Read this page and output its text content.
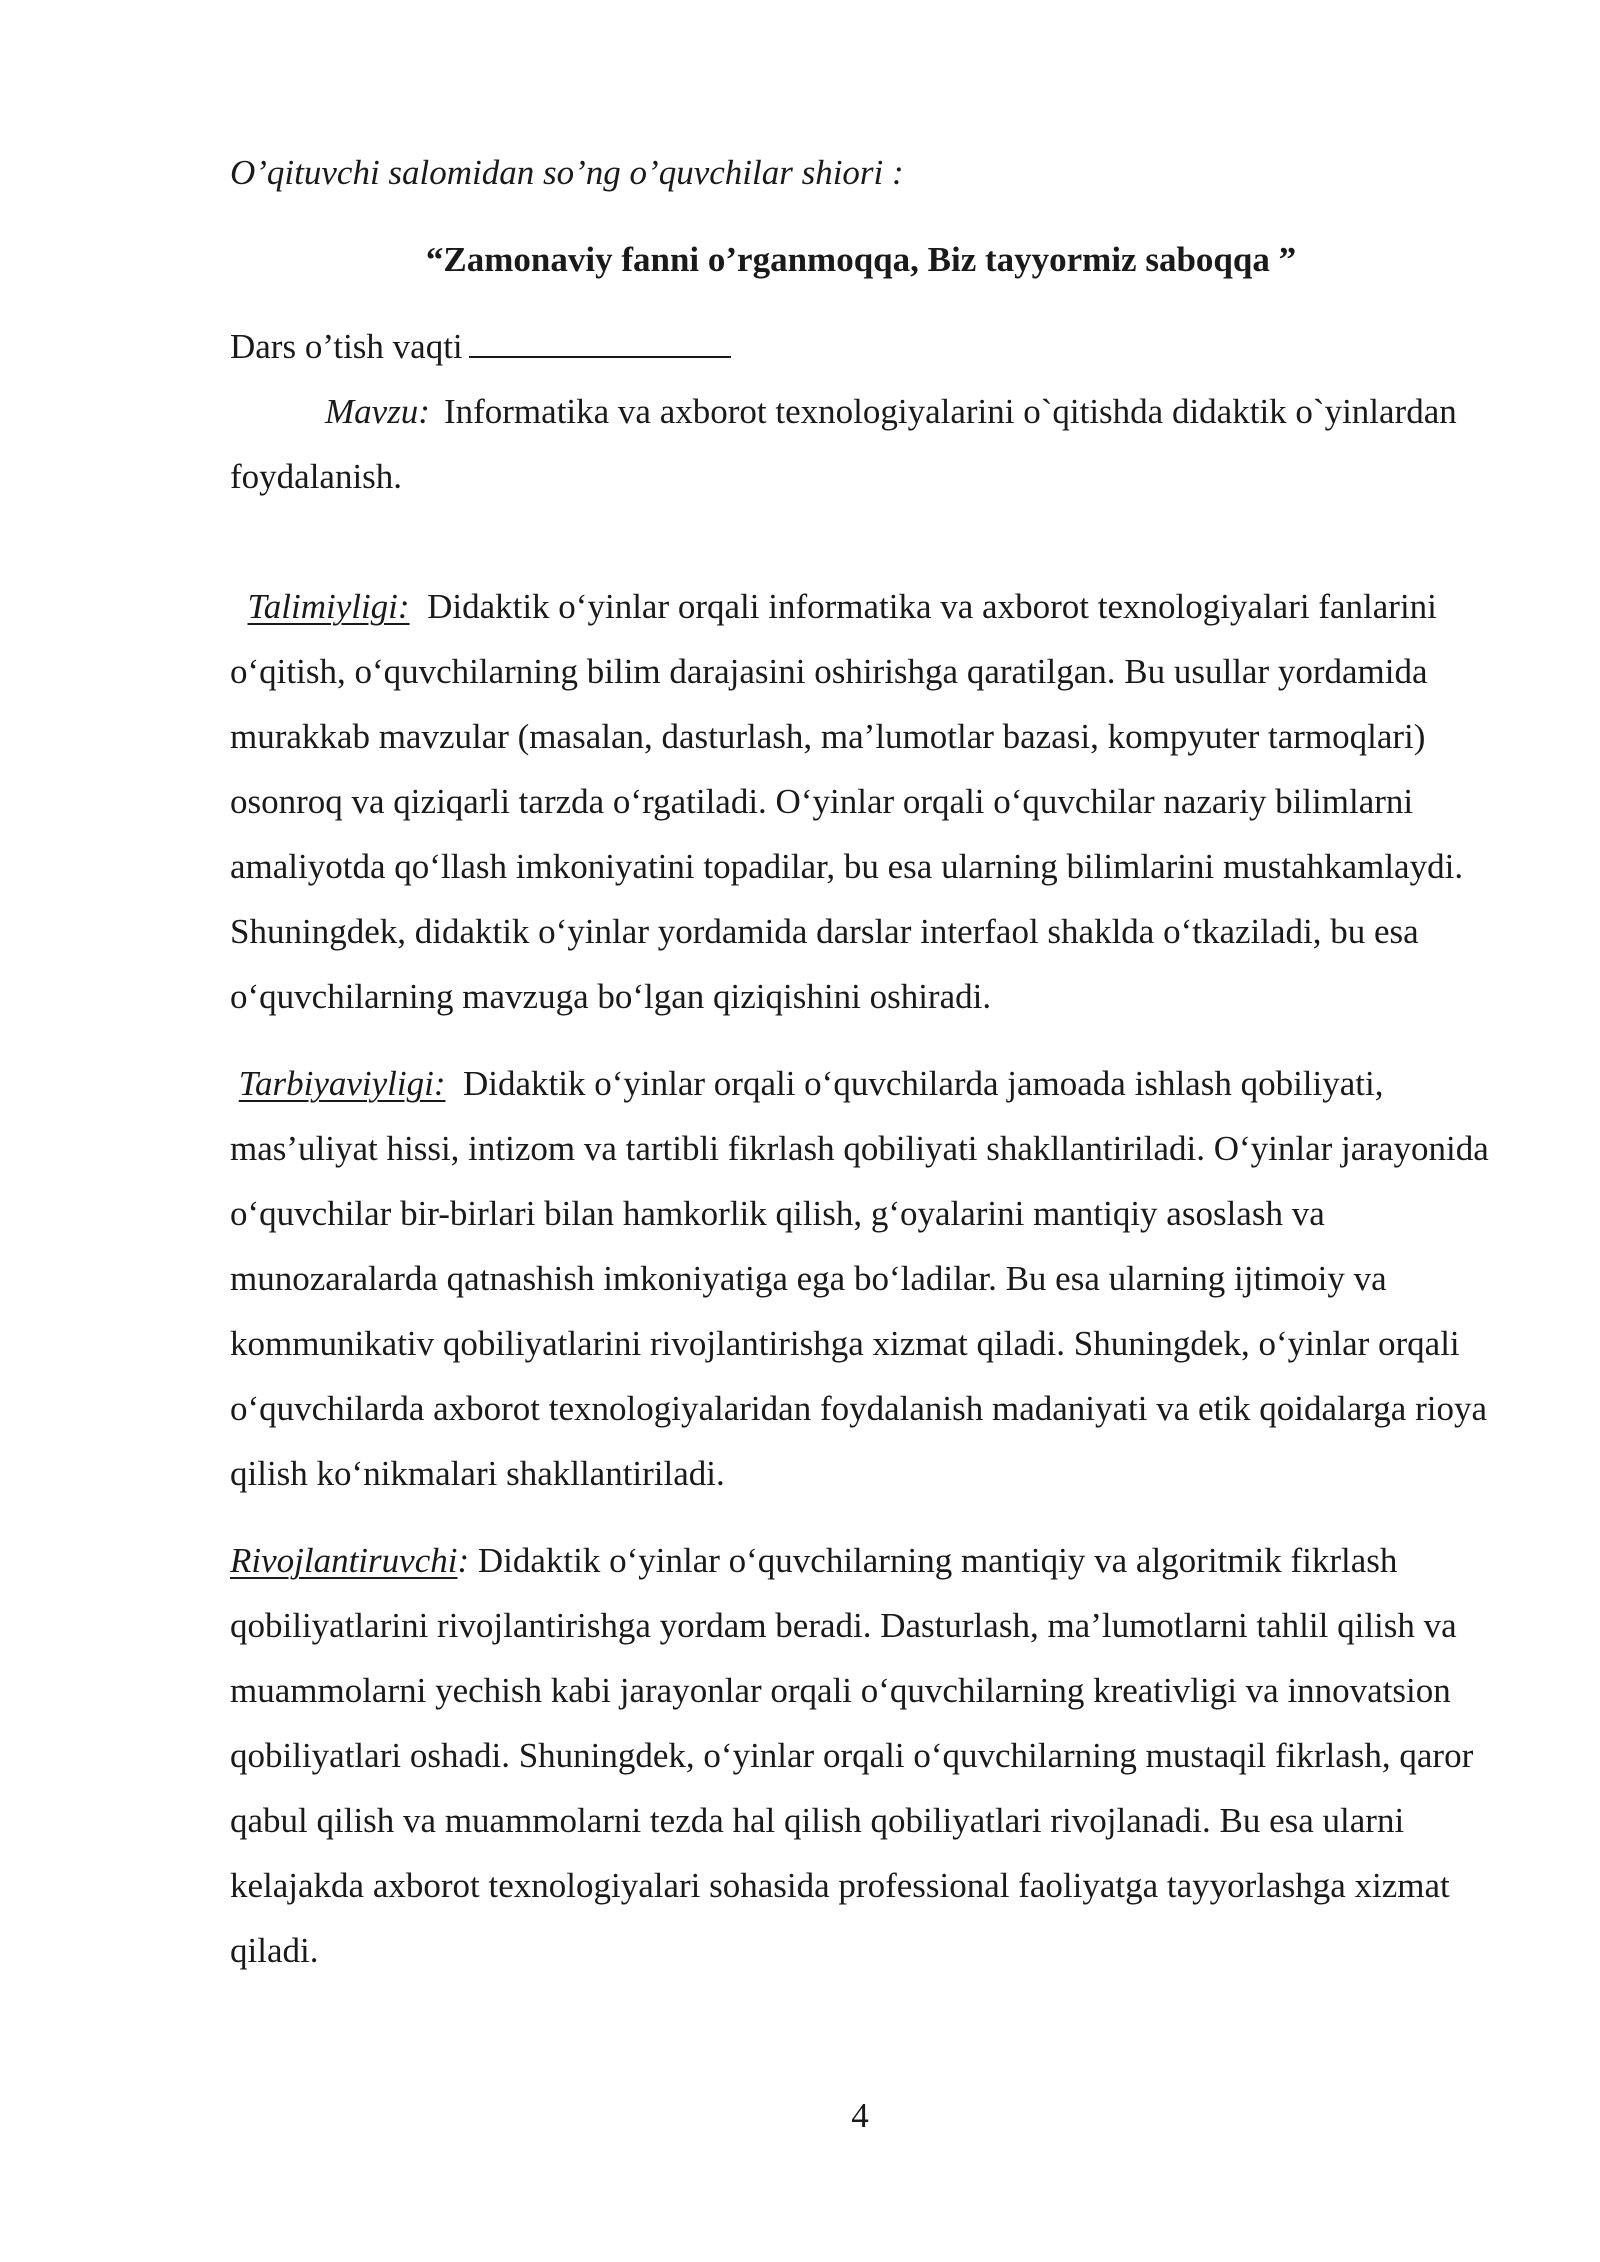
O’qituvchi salomidan so’ng o’quvchilar shiori :

“Zamonaviy fanni o’rganmoqqa, Biz tayyormiz saboqqa ”

Dars o’tish vaqti

Mavzu: Informatika va axborot texnologiyalarini o`qitishda didaktik o`yinlardan foydalanish.

Talimiyligi: Didaktik o‘yinlar orqali informatika va axborot texnologiyalari fanlarini o‘qitish, o‘quvchilarning bilim darajasini oshirishga qaratilgan. Bu usullar yordamida murakkab mavzular (masalan, dasturlash, ma’lumotlar bazasi, kompyuter tarmoqlari) osonroq va qiziqarli tarzda o‘rgatiladi. O‘yinlar orqali o‘quvchilar nazariy bilimlarni amaliyotda qo‘llash imkoniyatini topadilar, bu esa ularning bilimlarini mustahkamlaydi. Shuningdek, didaktik o‘yinlar yordamida darslar interfaol shaklda o‘tkaziladi, bu esa o‘quvchilarning mavzuga bo‘lgan qiziqishini oshiradi.

Tarbiyaviyligi: Didaktik o‘yinlar orqali o‘quvchilarda jamoada ishlash qobiliyati, mas’uliyat hissi, intizom va tartibli fikrlash qobiliyati shakllantiriladi. O‘yinlar jarayonida o‘quvchilar bir-birlari bilan hamkorlik qilish, g‘oyalarini mantiqiy asoslash va munozaralarda qatnashish imkoniyatiga ega bo‘ladilar. Bu esa ularning ijtimoiy va kommunikativ qobiliyatlarini rivojlantirishga xizmat qiladi. Shuningdek, o‘yinlar orqali o‘quvchilarda axborot texnologiyalaridan foydalanish madaniyati va etik qoidalarga rioya qilish ko‘nikmalari shakllantiriladi.

Rivojlantiruvchi: Didaktik o‘yinlar o‘quvchilarning mantiqiy va algoritmik fikrlash qobiliyatlarini rivojlantirishga yordam beradi. Dasturlash, ma’lumotlarni tahlil qilish va muammolarni yechish kabi jarayonlar orqali o‘quvchilarning kreativligi va innovatsion qobiliyatlari oshadi. Shuningdek, o‘yinlar orqali o‘quvchilarning mustaqil fikrlash, qaror qabul qilish va muammolarni tezda hal qilish qobiliyatlari rivojlanadi. Bu esa ularni kelajakda axborot texnologiyalari sohasida professional faoliyatga tayyorlashga xizmat qiladi.

4
